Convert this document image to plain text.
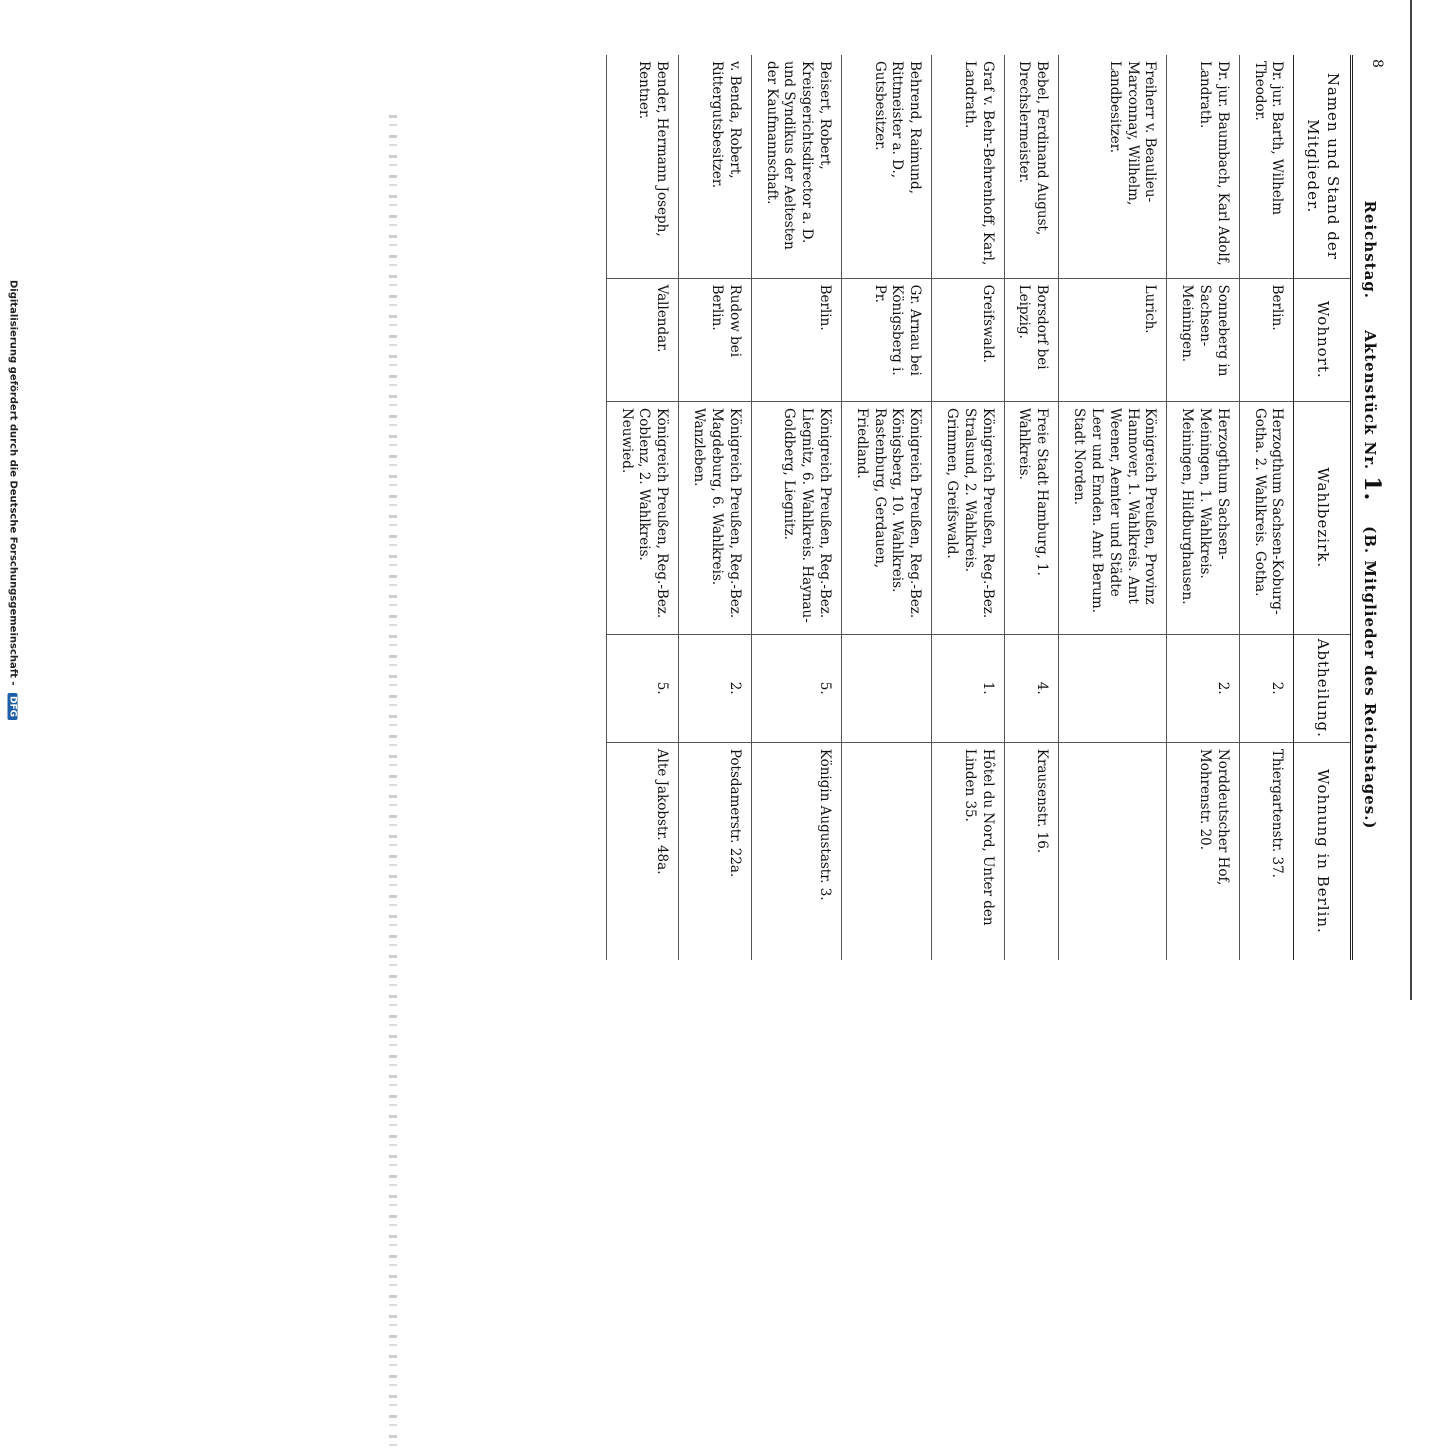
Digitalisierung gefördert durch die Deutsche Forschungsgemeinschaft - DFG
8
Reichstag.     Aktenstück Nr. 1.    (B. Mitglieder des Reichstages.)
Namen und Stand der Mitglieder.	Wohnort.	Wahlbezirk.	Abtheilung.	Wohnung in Berlin.
Dr. jur. Barth, Wilhelm Theodor.	Berlin.	Herzogthum Sachsen-Koburg-Gotha. 2. Wahlkreis. Gotha.	2.	Thiergartenstr. 37.
Dr. jur. Baumbach, Karl Adolf, Landrath.	Sonneberg in Sachsen-Meiningen.	Herzogthum Sachsen-Meiningen, 1. Wahlkreis. Meiningen, Hildburghausen.	2.	Norddeutscher Hof, Mohrenstr. 20.
Freiherr v. Beaulieu-Marconnay, Wilhelm, Landbesitzer.	Lurich.	Königreich Preußen, Provinz Hannover, 1. Wahlkreis. Amt Weener, Aemter und Städte Leer und Emden. Amt Berum. Stadt Norden.		
Bebel, Ferdinand August, Drechslermeister.	Borsdorf bei Leipzig.	Freie Stadt Hamburg, 1. Wahlkreis.	4.	Krausenstr. 16.
Graf v. Behr-Behrenhoff, Karl, Landrath.	Greifswald.	Königreich Preußen, Reg.-Bez. Stralsund, 2. Wahlkreis. Grimmen, Greifswald.	1.	Hôtel du Nord, Unter den Linden 35.
Behrend, Raimund, Rittmeister a. D., Gutsbesitzer.	Gr. Arnau bei Königsberg i. Pr.	Königreich Preußen, Reg.-Bez. Königsberg, 10. Wahlkreis. Rastenburg, Gerdauen, Friedland.		
Beisert, Robert, Kreisgerichtsdirector a. D. und Syndikus der Aeltesten der Kaufmannschaft.	Berlin.	Königreich Preußen, Reg.-Bez. Liegnitz, 6. Wahlkreis. Haynau-Goldberg, Liegnitz.	5.	Königin Augustastr. 3.
v. Benda, Robert, Rittergutsbesitzer.	Rudow bei Berlin.	Königreich Preußen, Reg.-Bez. Magdeburg, 6. Wahlkreis. Wanzleben.	2.	Potsdamerstr. 22a.
Bender, Hermann Joseph, Rentner.	Vallendar.	Königreich Preußen, Reg.-Bez. Coblenz, 2. Wahlkreis. Neuwied.	5.	Alte Jakobstr. 48a.
